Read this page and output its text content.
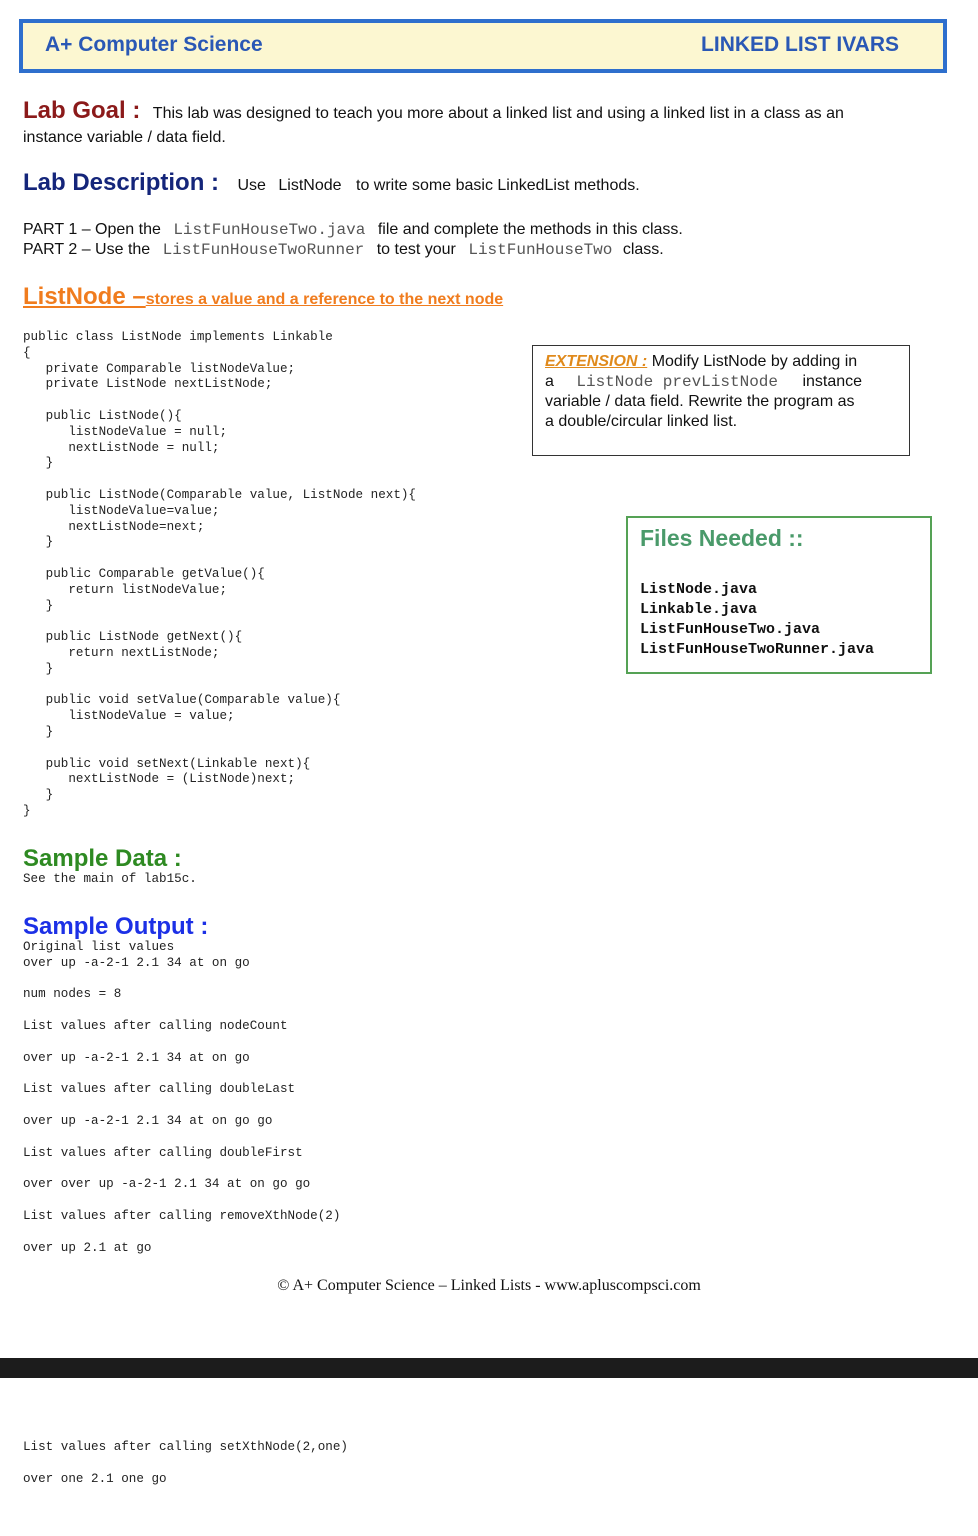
A+ Computer Science	LINKED LIST IVARS
Lab Goal : This lab was designed to teach you more about a linked list and using a linked list in a class as an
instance variable / data field.
Lab Description : Use ListNode to write some basic LinkedList methods.
PART 1 – Open the ListFunHouseTwo.java file and complete the methods in this class.
PART 2 – Use the ListFunHouseTwoRunner to test your ListFunHouseTwo class.
ListNode –stores a value and a reference to the next node
public class ListNode implements Linkable
{
private Comparable listNodeValue;
private ListNode nextListNode;

public ListNode(){
listNodeValue = null;
nextListNode = null;
}

public ListNode(Comparable value, ListNode next){
listNodeValue=value;
nextListNode=next;
}

public Comparable getValue(){
return listNodeValue;
}

public ListNode getNext(){
return nextListNode;
}

public void setValue(Comparable value){
listNodeValue = value;
}

public void setNext(Linkable next){
nextListNode = (ListNode)next;
}
}
EXTENSION : Modify ListNode by adding in
a ListNode prevListNode instance
variable / data field. Rewrite the program as
a double/circular linked list.
Files Needed ::
ListNode.java
Linkable.java
ListFunHouseTwo.java
ListFunHouseTwoRunner.java
Sample Data :
See the main of lab15c.
Sample Output :
Original list values
over up -a-2-1 2.1 34 at on go
num nodes = 8
List values after calling nodeCount
over up -a-2-1 2.1 34 at on go
List values after calling doubleLast
over up -a-2-1 2.1 34 at on go go
List values after calling doubleFirst
over over up -a-2-1 2.1 34 at on go go
List values after calling removeXthNode(2)
over up 2.1 at go
© A+ Computer Science – Linked Lists - www.apluscompsci.com
List values after calling setXthNode(2,one)
over one 2.1 one go
